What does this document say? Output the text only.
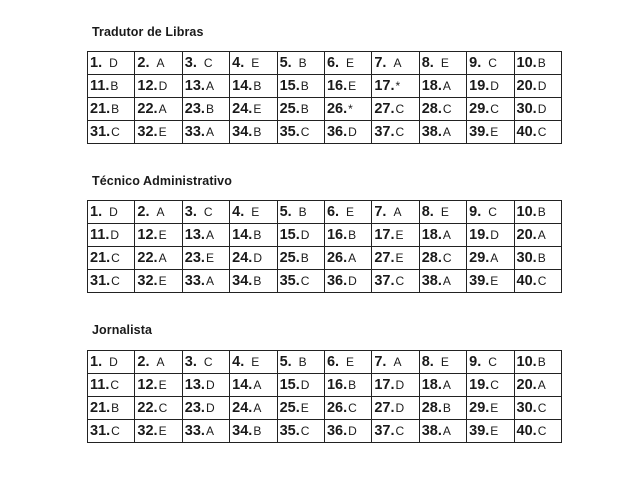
Tradutor de Libras
1. D	2. A	3. C	4. E	5. B	6. E	7. A	8. E	9. C	10.B
11.B	12.D	13.A	14.B	15.B	16.E	17.*	18.A	19.D	20.D
21.B	22.A	23.B	24.E	25.B	26.*	27.C	28.C	29.C	30.D
31.C	32.E	33.A	34.B	35.C	36.D	37.C	38.A	39.E	40.C
Técnico Administrativo
1. D	2. A	3. C	4. E	5. B	6. E	7. A	8. E	9. C	10.B
11.D	12.E	13.A	14.B	15.D	16.B	17.E	18.A	19.D	20.A
21.C	22.A	23.E	24.D	25.B	26.A	27.E	28.C	29.A	30.B
31.C	32.E	33.A	34.B	35.C	36.D	37.C	38.A	39.E	40.C
Jornalista
1. D	2. A	3. C	4. E	5. B	6. E	7. A	8. E	9. C	10.B
11.C	12.E	13.D	14.A	15.D	16.B	17.D	18.A	19.C	20.A
21.B	22.C	23.D	24.A	25.E	26.C	27.D	28.B	29.E	30.C
31.C	32.E	33.A	34.B	35.C	36.D	37.C	38.A	39.E	40.C
